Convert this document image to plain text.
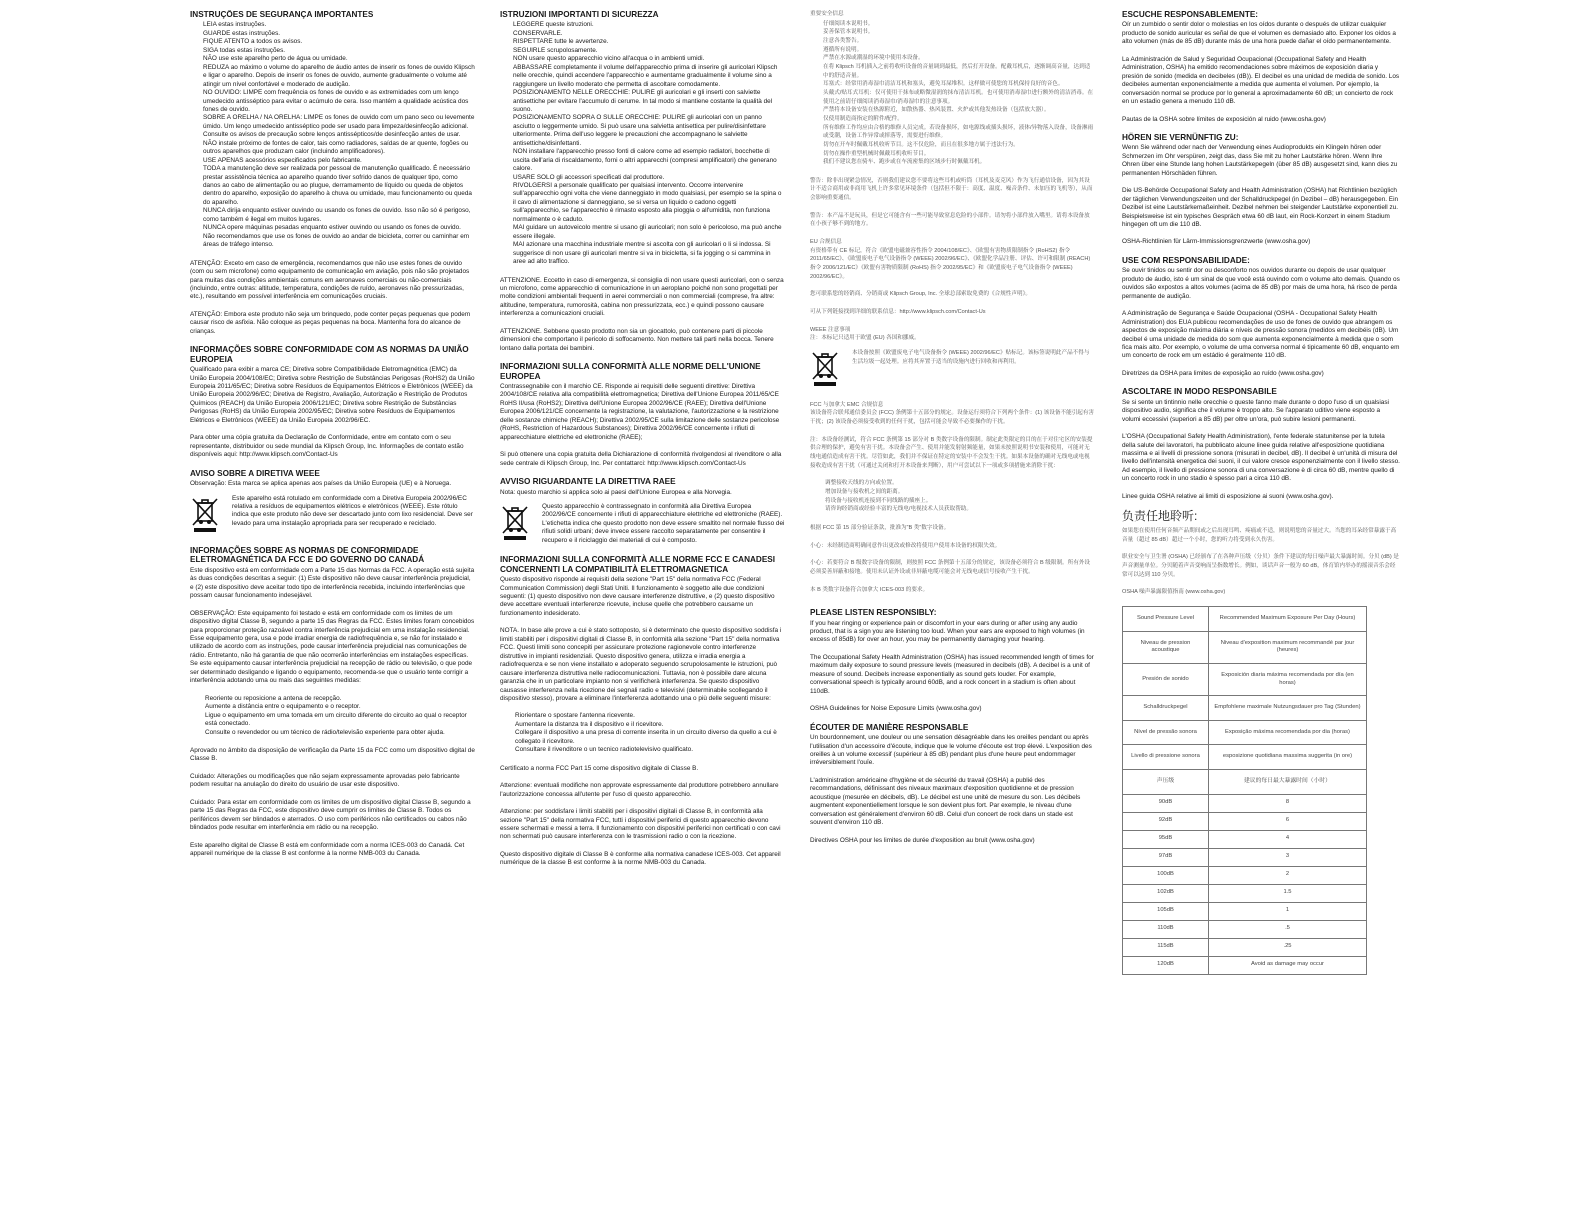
INSTRUÇÕES DE SEGURANÇA IMPORTANTES
LEIA estas instruções.
GUARDE estas instruções.
FIQUE ATENTO a todos os avisos.
SIGA todas estas instruções.
NÃO use este aparelho perto de água ou umidade.
REDUZA ao máximo o volume do aparelho de áudio antes de inserir os fones de ouvido Klipsch e ligar o aparelho. Depois de inserir os fones de ouvido, aumente gradualmente o volume até atingir um nível confortável e moderado de audição.
NO OUVIDO: LIMPE com frequência os fones de ouvido e as extremidades com um lenço umedecido antisséptico para evitar o acúmulo de cera. Isso mantém a qualidade acústica dos fones de ouvido.
SOBRE A ORELHA / NA ORELHA: LIMPE os fones de ouvido com um pano seco ou levemente úmido. Um lenço umedecido antisséptico pode ser usado para limpeza/desinfecção adicional. Consulte os avisos de precaução sobre lenços antissépticos/de desinfecção antes de usar.
NÃO instale próximo de fontes de calor, tais como radiadores, saídas de ar quente, fogões ou outros aparelhos que produzam calor (incluindo amplificadores).
USE APENAS acessórios especificados pelo fabricante.
TODA a manutenção deve ser realizada por pessoal de manutenção qualificado. É necessário prestar assistência técnica ao aparelho quando tiver sofrido danos de qualquer tipo, como danos ao cabo de alimentação ou ao plugue, derramamento de líquido ou queda de objetos dentro do aparelho, exposição do aparelho à chuva ou umidade, mau funcionamento ou queda do aparelho.
NUNCA dirija enquanto estiver ouvindo ou usando os fones de ouvido. Isso não só é perigoso, como também é ilegal em muitos lugares.
NUNCA opere máquinas pesadas enquanto estiver ouvindo ou usando os fones de ouvido.
Não recomendamos que use os fones de ouvido ao andar de bicicleta, correr ou caminhar em áreas de tráfego intenso.

ATENÇÃO: Exceto em caso de emergência, recomendamos que não use estes fones de ouvido (com ou sem microfone) como equipamento de comunicação em aviação, pois não são projetados para muitas das condições ambientais comuns em aeronaves comerciais ou não-comerciais (incluindo, entre outras: altitude, temperatura, condições de ruído, aeronaves não pressurizadas, etc.), resultando em possível interferência em comunicações cruciais.

ATENÇÃO: Embora este produto não seja um brinquedo, pode conter peças pequenas que podem causar risco de asfixia. Não coloque as peças pequenas na boca. Mantenha fora do alcance de crianças.

INFORMAÇÕES SOBRE CONFORMIDADE COM AS NORMAS DA UNIÃO EUROPEIA

Qualificado para exibir a marca CE; Diretiva sobre Compatibilidade Eletromagnética (EMC) da União Europeia 2004/108/EC; Diretiva sobre Restrição de Substâncias Perigosas (RoHS2) da União Europeia 2011/65/EC; Diretiva sobre Resíduos de Equipamentos Elétricos e Eletrônicos (WEEE) da União Europeia 2002/96/EC; Diretiva de Registro, Avaliação, Autorização e Restrição de Produtos Químicos (REACH) da União Europeia 2006/121/EC; Diretiva sobre Restrição de Substâncias Perigosas (RoHS) da União Europeia 2002/95/EC; Diretiva sobre Resíduos de Equipamentos Elétricos e Eletrônicos (WEEE) da União Europeia 2002/96/EC.

Para obter uma cópia gratuita da Declaração de Conformidade, entre em contato com o seu representante, distribuidor ou sede mundial da Klipsch Group, Inc. Informações de contato estão disponíveis aqui: http://www.klipsch.com/Contact-Us

AVISO SOBRE A DIRETIVA WEEE

Observação: Esta marca se aplica apenas aos países da União Europeia (UE) e à Noruega.

Este aparelho está rotulado em conformidade com a Diretiva Europeia 2002/96/EC relativa a resíduos de equipamentos elétricos e eletrônicos (WEEE). Este rótulo indica que este produto não deve ser descartado junto com lixo residencial. Deve ser levado para uma instalação apropriada para ser recuperado e reciclado.
INFORMAÇÕES SOBRE AS NORMAS DE CONFORMIDADE ELETROMAGNÉTICA DA FCC E DO GOVERNO DO CANADÁ

Este dispositivo está em conformidade com a Parte 15 das Normas da FCC. A operação está sujeita às duas condições descritas a seguir: (1) Este dispositivo não deve causar interferência prejudicial, e (2) este dispositivo deve aceitar todo tipo de interferência recebida, incluindo interferências que possam causar funcionamento indesejável.

OBSERVAÇÃO: Este equipamento foi testado e está em conformidade com os limites de um dispositivo digital Classe B, segundo a parte 15 das Regras da FCC. Estes limites foram concebidos para proporcionar proteção razoável contra interferência prejudicial em uma instalação residencial. Esse equipamento gera, usa e pode irradiar energia de radiofrequência e, se não for instalado e utilizado de acordo com as instruções, pode causar interferência prejudicial nas comunicações de rádio. Entretanto, não há garantia de que não ocorrerão interferências em instalações específicas. Se este equipamento causar interferência prejudicial na recepção de rádio ou televisão, o que pode ser determinado desligando e ligando o equipamento, recomenda-se que o usuário tente corrigir a interferência adotando uma ou mais das seguintes medidas:

Reoriente ou reposicione a antena de recepção.
Aumente a distância entre o equipamento e o receptor.
Ligue o equipamento em uma tomada em um circuito diferente do circuito ao qual o receptor está conectado.
Consulte o revendedor ou um técnico de rádio/televisão experiente para obter ajuda.

Aprovado no âmbito da disposição de verificação da Parte 15 da FCC como um dispositivo digital de Classe B.

Cuidado: Alterações ou modificações que não sejam expressamente aprovadas pelo fabricante podem resultar na anulação do direito do usuário de usar este dispositivo.

Cuidado: Para estar em conformidade com os limites de um dispositivo digital Classe B, segundo a parte 15 das Regras da FCC, este dispositivo deve cumprir os limites de Classe B. Todos os periféricos devem ser blindados e aterrados. O uso com periféricos não certificados ou cabos não blindados pode resultar em interferência em rádio ou na recepção.

Este aparelho digital de Classe B está em conformidade com a norma ICES-003 do Canadá. Cet appareil numérique de la classe B est conforme à la norme NMB-003 du Canada.

ISTRUZIONI IMPORTANTI DI SICUREZZA
LEGGERE queste istruzioni.
CONSERVARLE.
RISPETTARE tutte le avvertenze.
SEGUIRLE scrupolosamente.
NON usare questo apparecchio vicino all'acqua o in ambienti umidi.
ABBASSARE completamente il volume dell'apparecchio prima di inserire gli auricolari Klipsch nelle orecchie, quindi accendere l'apparecchio e aumentarne gradualmente il volume sino a raggiungere un livello moderato che permetta di ascoltare comodamente.
POSIZIONAMENTO NELLE ORECCHIE: PULIRE gli auricolari e gli inserti con salviette antisettiche per evitare l'accumulo di cerume. In tal modo si mantiene costante la qualità del suono.
POSIZIONAMENTO SOPRA O SULLE ORECCHIE: PULIRE gli auricolari con un panno asciutto o leggermente umido. Si può usare una salvietta antisettica per pulire/disinfettare ulteriormente. Prima dell'uso leggere le precauzioni che accompagnano le salviette antisettiche/disinfettanti.
NON installare l'apparecchio presso fonti di calore come ad esempio radiatori, bocchette di uscita dell'aria di riscaldamento, forni o altri apparecchi (compresi amplificatori) che generano calore.
USARE SOLO gli accessori specificati dal produttore.
RIVOLGERSI a personale qualificato per qualsiasi intervento. Occorre intervenire sull'apparecchio ogni volta che viene danneggiato in modo qualsiasi, per esempio se la spina o il cavo di alimentazione si danneggiano, se si versa un liquido o cadono oggetti sull'apparecchio, se l'apparecchio è rimasto esposto alla pioggia o all'umidità, non funziona normalmente o è caduto.
MAI guidare un autoveicolo mentre si usano gli auricolari; non solo è pericoloso, ma può anche essere illegale.
MAI azionare una macchina industriale mentre si ascolta con gli auricolari o li si indossa. Si suggerisce di non usare gli auricolari mentre si va in bicicletta, si fa jogging o si cammina in aree ad alto traffico.

ATTENZIONE. Eccetto in caso di emergenza, si consiglia di non usare questi auricolari, con o senza un microfono, come apparecchio di comunicazione in un aeroplano poiché non sono progettati per molte condizioni ambientali frequenti in aerei commerciali o non commerciali (comprese, fra altre: altitudine, temperatura, rumorosità, cabina non pressurizzata, ecc.) e quindi possono causare interferenza a comunicazioni cruciali.

ATTENZIONE. Sebbene questo prodotto non sia un giocattolo, può contenere parti di piccole dimensioni che comportano il pericolo di soffocamento. Non mettere tali parti nella bocca. Tenere lontano dalla portata dei bambini.

INFORMAZIONI SULLA CONFORMITÀ ALLE NORME DELL'UNIONE EUROPEA

Contrassegnabile con il marchio CE. Risponde ai requisiti delle seguenti direttive: Direttiva 2004/108/CE relativa alla compatibilità elettromagnetica; Direttiva dell'Unione Europea 2011/65/CE RoHS II/usa (RoHS2); Direttiva dell'Unione Europea 2002/96/CE (RAEE); Direttiva dell'Unione Europea 2006/121/CE concernente la registrazione, la valutazione, l'autorizzazione e la restrizione delle sostanze chimiche (REACH); Direttiva 2002/95/CE sulla limitazione delle sostanze pericolose (RoHS, Restriction of Hazardous Substances); Direttiva 2002/96/CE concernente i rifiuti di apparecchiature elettriche ed elettroniche (RAEE);

Si può ottenere una copia gratuita della Dichiarazione di conformità rivolgendosi al rivenditore o alla sede centrale di Klipsch Group, Inc. Per contattarci: http://www.klipsch.com/Contact-Us

AVVISO RIGUARDANTE LA DIRETTIVA RAEE

Nota: questo marchio si applica solo ai paesi dell'Unione Europea e alla Norvegia.

Questo apparecchio è contrassegnato in conformità alla Direttiva Europea 2002/96/CE concernente i rifiuti di apparecchiature elettriche ed elettroniche (RAEE). L'etichetta indica che questo prodotto non deve essere smaltito nel normale flusso dei rifiuti solidi urbani; deve invece essere raccolto separatamente per consentire il recupero e il riciclaggio dei materiali di cui è composto.
INFORMAZIONI SULLA CONFORMITÀ ALLE NORME FCC E CANADESI CONCERNENTI LA COMPATIBILITÀ ELETTROMAGNETICA

Questo dispositivo risponde ai requisiti della sezione "Part 15" della normativa FCC (Federal Communication Commission) degli Stati Uniti. Il funzionamento è soggetto alle due condizioni seguenti: (1) questo dispositivo non deve causare interferenze distruttive, e (2) questo dispositivo deve accettare eventuali interferenze ricevute, incluse quelle che potrebbero causarne un funzionamento indesiderato.

NOTA. In base alle prove a cui è stato sottoposto, si è determinato che questo dispositivo soddisfa i limiti stabiliti per i dispositivi digitali di Classe B, in conformità alla sezione "Part 15" della normativa FCC. Questi limiti sono concepiti per assicurare protezione ragionevole contro interferenze distruttive in impianti residenziali. Questo dispositivo genera, utilizza e irradia energia a radiofrequenza e se non viene installato e adoperato seguendo scrupolosamente le istruzioni, può causare interferenza distruttiva nelle radiocomunicazioni. Tuttavia, non è possibile dare alcuna garanzia che in un particolare impianto non si verificherà interferenza. Se questo dispositivo causasse interferenza nella ricezione dei segnali radio e televisivi (determinabile scollegando il dispositivo stesso), provare a eliminare l'interferenza adottando una o più delle seguenti misure:

Riorientare o spostare l'antenna ricevente.
Aumentare la distanza tra il dispositivo e il ricevitore.
Collegare il dispositivo a una presa di corrente inserita in un circuito diverso da quello a cui è collegato il ricevitore.
Consultare il rivenditore o un tecnico radiotelevisivo qualificato.

Certificato a norma FCC Part 15 come dispositivo digitale di Classe B.

Attenzione: eventuali modifiche non approvate espressamente dal produttore potrebbero annullare l'autorizzazione concessa all'utente per l'uso di questo apparecchio.

Attenzione: per soddisfare i limiti stabiliti per i dispositivi digitali di Classe B, in conformità alla sezione "Part 15" della normativa FCC, tutti i dispositivi periferici di questo apparecchio devono essere schermati e messi a terra. Il funzionamento con dispositivi periferici non certificati o con cavi non schermati può causare interferenza con le trasmissioni radio o con la ricezione.

Questo dispositivo digitale di Classe B è conforme alla normativa canadese ICES-003. Cet appareil numérique de la classe B est conforme à la norme NMB-003 du Canada.

重要安全信息
仔细阅读本说明书。
妥善保管本说明书。
注意各类警告。
遵循所有说明。
严禁在水源或潮湿的环境中使用本设备。
在将 Klipsch 耳机插入之前将收听设备的音量调到最低，然后打开设备。配戴耳机后，逐渐调高音量，达到适中的舒适音量。
耳塞式：经常用消毒湿巾清洁耳机和塞头，避免耳屎堆积。这样做可使您的耳机保持良好的音色。
头戴式/贴耳式耳机：仅可使用干抹布或略微湿润的抹布清洁耳机。也可使用消毒湿巾进行额外的清洁消毒。在使用之前请仔细阅读消毒湿巾/消毒湿巾的注意事项。
严禁将本设备安装在热源附近，如散热器、热风装置、火炉或其他发热设备（包括放大器）。
仅使用制造商指定的附件/配件。
所有维修工作均应由合格的维修人员完成。若设备损坏，如电源线或插头损坏，液体/异物落入设备，设备淋雨或受潮，设备工作异常或摔落等，需要进行维修。
切勿在开车时佩戴耳机收听节目。这不仅危险，而且在很多地方属于违法行为。
切勿在操作重型机械时佩戴耳机收听节目。
我们不建议您在骑车、跑步或在车流密集的区域步行时佩戴耳机。

警告：除非出现紧急情况，否则我们建议您不要将这些耳机或听筒（耳机及麦克风）作为飞行通信设备，因为其设计不适合商用或非商用飞机上许多常见环境条件（包括但不限于：高度、温度、噪音条件、未加压的飞机等），从而会影响重要通信。

警告：本产品不是玩具，但是它可能含有一些可能导致窒息危险的小部件。请勿将小部件放入嘴里。请将本设备放在小孩子够不到的地方。

EU 合规信息

有资格带有 CE 标记，符合《欧盟电磁兼容性指令 2004/108/EC》、《欧盟有害物质限制指令 (RoHS2) 指令 2011/65/EC》、《欧盟废电子电气设备指令 (WEEE) 2002/96/EC》、《欧盟化学品注册、评估、许可和限制 (REACH) 指令 2006/121/EC》《欧盟有害物质限制 (RoHS) 指令 2002/95/EC》和《欧盟废电子电气设备指令 (WEEE) 2002/96/EC》。

您可联系您的经销商、分销商或 Klipsch Group, Inc. 全球总部索取免费的《合规性声明》。

可从下列链接找到详细的联系信息：http://www.klipsch.com/Contact-Us

WEEE 注意事项
注：本标记只适用于欧盟 (EU) 各国和挪威。
本设备按照《欧盟废电子电气设备指令 (WEEE) 2002/96/EC》贴标记。该标签说明此产品不得与生活垃圾一起处理。应将其弃置于适当的设施内进行回收和再利用。
FCC 与加拿大 EMC 合规信息

该设备符合联邦通信委员会 (FCC) 条例第十五部分的规定。设备运行须符合下列两个条件：(1) 该设备不能引起有害干扰；(2) 该设备必须接受收到的任何干扰，包括可能会导致不必要操作的干扰。

注：本设备经测试，符合 FCC 条例第 15 部分对 B 类数字设备的限制。制定此类限定的目的在于对住宅区的安装提供合理的保护，避免有害干扰。本设备会产生、使用并能发射射频能量，如果未按照说明书安装和使用，可能对无线电通信造成有害干扰。尽管如此，我们并不保证在特定的安装中不会发生干扰。如果本设备的确对无线电或电视接收造成有害干扰（可通过关闭和打开本设备来判断），用户可尝试以下一项或多项措施来消除干扰：

调整接收天线的方向或位置。
增加设备与接收机之间的距离。
将设备与接收机连接到不同线路的插座上。
请咨询经销商或经验丰富的无线电/电视技术人员获取帮助。

根据 FCC 第 15 部分验证条款，批准为“B 类”数字设备。

小心：未经制造商明确同意作出更改或修改将使用户使用本设备的权限失效。

小心：若要符合 B 级数字设备的限制，则按照 FCC 条例第十五部分的规定，该设备必须符合 B 级限制。所有外设必须妥善屏蔽和接地。使用未认证外设或非屏蔽电缆可能会对无线电或信号接收产生干扰。

本 B 类数字设备符合加拿大 ICES-003 的要求。

PLEASE LISTEN RESPONSIBLY:

If you hear ringing or experience pain or discomfort in your ears during or after using any audio product, that is a sign you are listening too loud. When your ears are exposed to high volumes (in excess of 85dB) for over an hour, you may be permanently damaging your hearing.

The Occupational Safety Health Administration (OSHA) has issued recommended length of times for maximum daily exposure to sound pressure levels (measured in decibels (dB). A decibel is a unit of measure of sound. Decibels increase exponentially as sound gets louder. For example, conversational speech is typically around 60dB, and a rock concert in a stadium is often about 110dB.

OSHA Guidelines for Noise Exposure Limits (www.osha.gov)

ÉCOUTER DE MANIÈRE RESPONSABLE

Un bourdonnement, une douleur ou une sensation désagréable dans les oreilles pendant ou après l'utilisation d'un accessoire d'écoute, indique que le volume d'écoute est trop élevé. L'exposition des oreilles à un volume excessif (supérieur à 85 dB) pendant plus d'une heure peut endommager irréversiblement l'ouïe.

L'administration américaine d'hygiène et de sécurité du travail (OSHA) a publié des recommandations, définissant des niveaux maximaux d'exposition quotidienne et de pression acoustique (mesurée en décibels, dB). Le décibel est une unité de mesure du son. Les décibels augmentent exponentiellement lorsque le son devient plus fort. Par exemple, le niveau d'une conversation est généralement d'environ 60 dB. Celui d'un concert de rock dans un stade est souvent d'environ 110 dB.

Directives OSHA pour les limites de durée d'exposition au bruit (www.osha.gov)

ESCUCHE RESPONSABLEMENTE:

Oír un zumbido o sentir dolor o molestias en los oídos durante o después de utilizar cualquier producto de sonido auricular es señal de que el volumen es demasiado alto. Exponer los oídos a alto volumen (más de 85 dB) durante más de una hora puede dañar el oído permanentemente.

La Administración de Salud y Seguridad Ocupacional (Occupational Safety and Health Administration, OSHA) ha emitido recomendaciones sobre máximos de exposición diaria y presión de sonido (medida en decibeles (dB)). El decibel es una unidad de medida de sonido. Los decibeles aumentan exponencialmente a medida que aumenta el volumen. Por ejemplo, la conversación normal se produce por lo general a aproximadamente 60 dB; un concierto de rock en un estadio genera a menudo 110 dB.

Pautas de la OSHA sobre límites de exposición al ruido (www.osha.gov)

HÖREN SIE VERNÜNFTIG ZU:

Wenn Sie während oder nach der Verwendung eines Audioprodukts ein Klingeln hören oder Schmerzen im Ohr verspüren, zeigt das, dass Sie mit zu hoher Lautstärke hören. Wenn Ihre Ohren über eine Stunde lang hohen Lautstärkepegeln (über 85 dB) ausgesetzt sind, kann dies zu permanenten Hörschäden führen.

Die US-Behörde Occupational Safety and Health Administration (OSHA) hat Richtlinien bezüglich der täglichen Verwendungszeiten und der Schalldruckpegel (in Dezibel – dB) herausgegeben. Ein Dezibel ist eine Lautstärkemaßeinheit. Dezibel nehmen bei steigender Lautstärke exponentiell zu. Beispielsweise ist ein typisches Gespräch etwa 60 dB laut, ein Rock-Konzert in einem Stadium hingegen oft um die 110 dB.

OSHA-Richtlinien für Lärm-Immissionsgrenzwerte (www.osha.gov)

USE COM RESPONSABILIDADE:

Se ouvir tinidos ou sentir dor ou desconforto nos ouvidos durante ou depois de usar qualquer produto de áudio, isto é um sinal de que você está ouvindo com o volume alto demais. Quando os ouvidos são expostos a altos volumes (acima de 85 dB) por mais de uma hora, há risco de perda permanente de audição.

A Administração de Segurança e Saúde Ocupacional (OSHA - Occupational Safety Health Administration) dos EUA publicou recomendações de uso de fones de ouvido que abrangem os aspectos de exposição máxima diária e níveis de pressão sonora (medidos em decibéis (dB). Um decibel é uma unidade de medida do som que aumenta exponencialmente à medida que o som fica mais alto. Por exemplo, o volume de uma conversa normal é tipicamente 60 dB, enquanto em um concerto de rock em um estádio é geralmente 110 dB.

Diretrizes da OSHA para limites de exposição ao ruído (www.osha.gov)

ASCOLTARE IN MODO RESPONSABILE

Se si sente un tintinnio nelle orecchie o queste fanno male durante o dopo l'uso di un qualsiasi dispositivo audio, significa che il volume è troppo alto. Se l'apparato uditivo viene esposto a volumi eccessivi (superiori a 85 dB) per oltre un'ora, può subire lesioni permanenti.

L'OSHA (Occupational Safety Health Administration), l'ente federale statunitense per la tutela della salute dei lavoratori, ha pubblicato alcune linee guida relative all'esposizione quotidiana massima e ai livelli di pressione sonora (misurati in decibel, dB). Il decibel è un'unità di misura del livello dell'intensità energetica dei suoni, il cui valore cresce esponenzialmente con il livello stesso. Ad esempio, il livello di pressione sonora di una conversazione è di circa 60 dB, mentre quello di un concerto rock in uno stadio è spesso pari a circa 110 dB.

Linee guida OSHA relative ai limiti di esposizione ai suoni (www.osha.gov).

负责任地聆听:

如果您在使用任何音频产品期间或之后出现耳鸣、疼痛或不适，则说明您的音量过大。当您的耳朵经常暴露于高音量（超过 85 dB）超过一个小时，您的听力将受到永久伤害。

职业安全与卫生署 (OSHA) 已经颁布了在各种声压级（分贝）条件下建议的每日噪声最大暴露时间。分贝 (dB) 是声音测量单位。分贝随着声音变响而呈指数增长。例如，谈话声音一般为 60 dB，体育馆内举办的摇滚音乐会经常可以达到 110 分贝。

OSHA 噪声暴露限值指南 (www.osha.gov)

Sound Pressure Level	Recommended Maximum Exposure Per Day (Hours)
Niveau de pression acoustique	Niveau d'exposition maximum recommandé par jour (heures)
Presión de sonido	Exposición diaria máxima recomendada por día (en horas)
Schalldruckpegel	Empfohlene maximale Nutzungsdauer pro Tag (Stunden)
Nível de pressão sonora	Exposição máxima recomendada por dia (horas)
Livello di pressione sonora	esposizione quotidiana massima suggerita (in ore)
声压级	建议的每日最大暴露时间（小时）
90dB	8
92dB	6
95dB	4
97dB	3
100dB	2
102dB	1.5
105dB	1
110dB	.5
115dB	.25
120dB	Avoid as damage may occur
